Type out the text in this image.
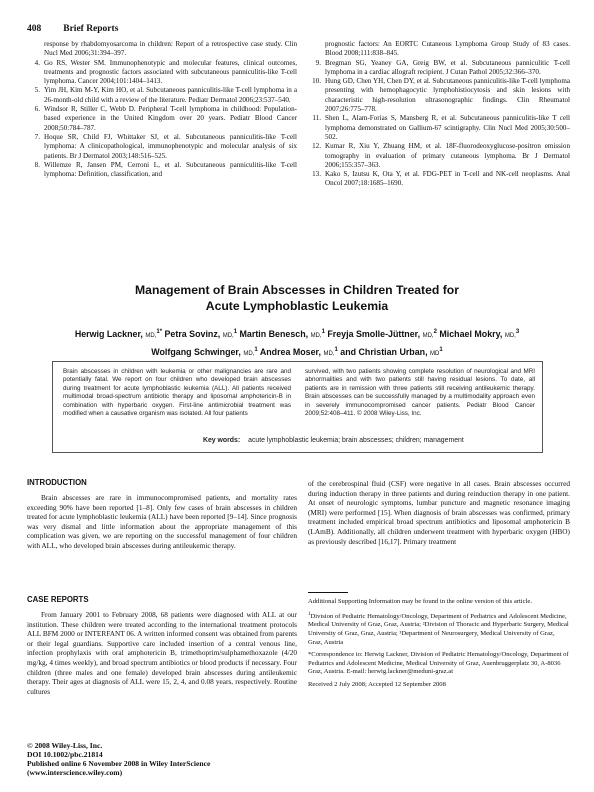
408 Brief Reports
response by rhabdomyosarcoma in children: Report of a retrospective case study. Clin Nucl Med 2006;31:394–397.
4. Go RS, Wester SM. Immunophenotypic and molecular features, clinical outcomes, treatments and prognostic factors associated with subcutaneous panniculitis-like T-cell lymphoma. Cancer 2004;101:1404–1413.
5. Yim JH, Kim M-Y, Kim HO, et al. Subcutaneous panniculitis-like T-cell lymphoma in a 26-month-old child with a review of the literature. Pediatr Dermatol 2006;23:537–540.
6. Windsor R, Stiller C, Webb D. Peripheral T-cell lymphoma in childhood: Population-based experience in the United Kingdom over 20 years. Pediatr Blood Cancer 2008;50:784–787.
7. Hoque SR, Child FJ, Whittaker SJ, et al. Subcutaneous panniculitis-like T-cell lymphoma: A clinicopathological, immunophenotypic and molecular analysis of six patients. Br J Dermatol 2003;148:516–525.
8. Willemze R, Jansen PM, Cerroni L, et al. Subcutaneous panniculitis-like T-cell lymphoma: Definition, classification, and
prognostic factors: An EORTC Cutaneous Lymphoma Group Study of 83 cases. Blood 2008;111:838–845.
9. Bregman SG, Yeaney GA, Greig BW, et al. Subcutaneous panniculitic T-cell lymphoma in a cardiac allograft recipient. J Cutan Pathol 2005;32:366–370.
10. Hung GD, Chen YH, Chen DY, et al. Subcutaneous panniculitis-like T-cell lymphoma presenting with hemophagocytic lymphohistiocytosis and skin lesions with characteristic high-resolution ultrasonographic findings. Clin Rheumatol 2007;26:775–778.
11. Shen L, Alam-Forias S, Mansberg R, et al. Subcutaneous panniculitis-like T cell lymphoma demonstrated on Gallium-67 scintigraphy. Clin Nucl Med 2005;30:500–502.
12. Kumar R, Xiu Y, Zhuang HM, et al. 18F-fluorodeoxyglucose-positron emission tomography in evaluation of primary cutaneous lymphoma. Br J Dermatol 2006;155:357–363.
13. Kako S, Izutsu K, Ota Y, et al. FDG-PET in T-cell and NK-cell neoplasms. Anal Oncol 2007;18:1685–1690.
Management of Brain Abscesses in Children Treated for
Acute Lymphoblastic Leukemia
Herwig Lackner, MD,$^{1*}$ Petra Sovinz, MD,$^1$ Martin Benesch, MD,$^1$ Freyja Smolle-Jüttner, MD,$^2$ Michael Mokry, MD,$^3$
Wolfgang Schwinger, MD,$^1$ Andrea Moser, MD,$^1$ and Christian Urban, $MD^1$
Brain abscesses in children with leukemia or other malignancies are rare and potentially fatal. We report on four children who developed brain abscesses during treatment for acute lymphoblastic leukemia (ALL). All patients received multimodal broad-spectrum antibiotic therapy and liposomal amphotericin-B in combination with hyperbaric oxygen. First-line antimicrobial treatment was modified when a causative organism was isolated. All four patients
survived, with two patients showing complete resolution of neurological and MRI abnormalities and with two patients still having residual lesions. To date, all patients are in remission with three patients still receiving antileukemic therapy. Brain abscesses can be successfully managed by a multimodality approach even in severely immunocompromised cancer patients. Pediatr Blood Cancer 2009;52:408–411. © 2008 Wiley-Liss, Inc.
Key words: acute lymphoblastic leukemia; brain abscesses; children; management
INTRODUCTION
Brain abscesses are rare in immunocompromised patients, and mortality rates exceeding 90% have been reported [1–8]. Only few cases of brain abscesses in children treated for acute lymphoblastic leukemia (ALL) have been reported [9–14]. Since prognosis was very dismal and little information about the appropriate management of this complication was given, we are reporting on the successful management of four children with ALL, who developed brain abscesses during antileukemic therapy.
CASE REPORTS
From January 2001 to February 2008, 68 patients were diagnosed with ALL at our institution. These children were treated according to the international treatment protocols ALL BFM 2000 or INTERFANT 06. A written informed consent was obtained from parents or their legal guardians. Supportive care included insertion of a central venous line, infection prophylaxis with oral amphotericin B, trimethoprim/sulphamethoxazole (4/20 mg/kg, 4 times weekly), and broad spectrum antibiotics or blood products if necessary. Four children (three males and one female) developed brain abscesses during antileukemic therapy. Their ages at diagnosis of ALL were 15, 2, 4, and 0.08 years, respectively. Routine cultures
of the cerebrospinal fluid (CSF) were negative in all cases. Brain abscesses occurred during induction therapy in three patients and during reinduction therapy in one patient. At onset of neurologic symptoms, lumbar puncture and magnetic resonance imaging (MRI) were performed [15]. When diagnosis of brain abscesses was confirmed, primary treatment included empirical broad spectrum antibiotics and liposomal amphotericin B (LAmB). Additionally, all children underwent treatment with hyperbaric oxygen (HBO) as previously described [16,17]. Primary treatment

Additional Supporting Information may be found in the online version of this article.

$^1$Division of Pediatric Hematology/Oncology, Department of Pediatrics and Adolescent Medicine, Medical University of Graz, Graz, Austria; ²Division of Thoracic and Hyperbaric Surgery, Medical University of Graz, Graz, Austria; ³Department of Neurosurgery, Medical University of Graz, Graz, Austria

*Correspondence to: Herwig Lackner, Division of Pediatric Hematology/Oncology, Department of Pediatrics and Adolescent Medicine, Medical University of Graz, Auenbruggerplatz 30, A-8036 Graz, Austria. E-mail: herwig.lackner@meduni-graz.at

Received 2 July 2008; Accepted 12 September 2008

© 2008 Wiley-Liss, Inc.
DOI 10.1002/pbc.21814
Published online 6 November 2008 in Wiley InterScience
(www.interscience.wiley.com)
